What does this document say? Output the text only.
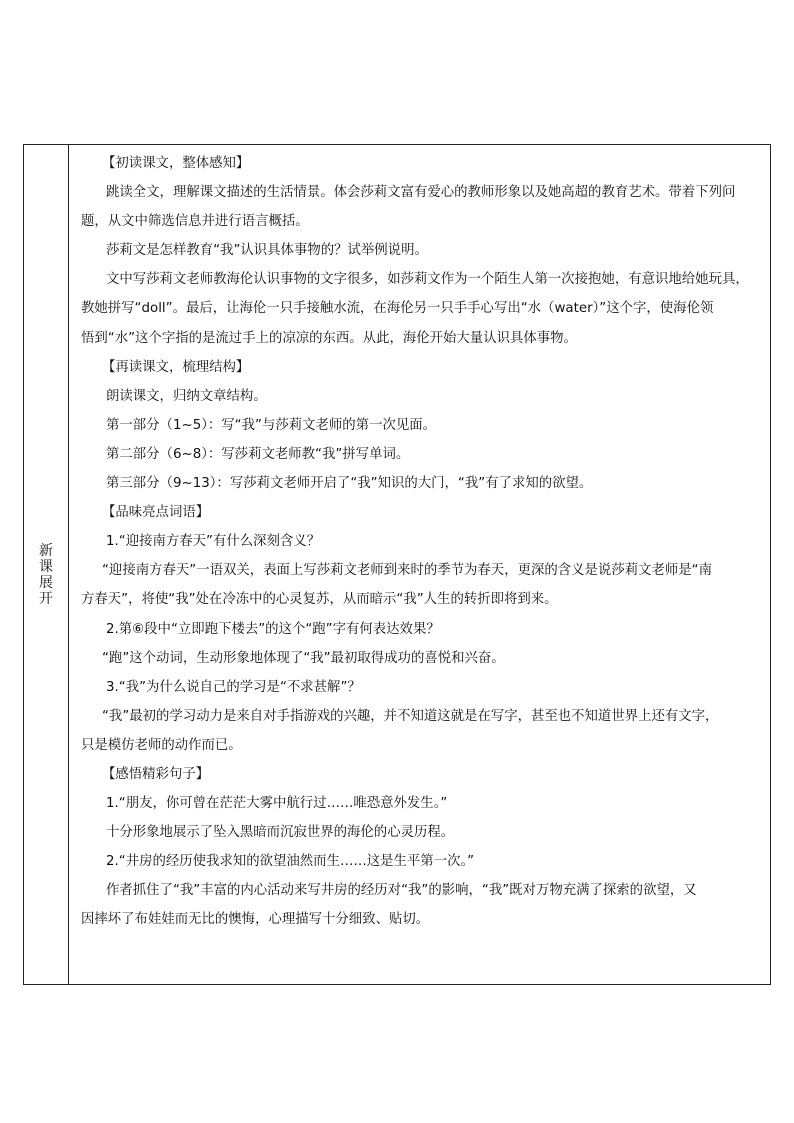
新
课
展
开

【初读课文，整体感知】

跳读全文，理解课文描述的生活情景。体会莎莉文富有爱心的教师形象以及她高超的教育艺术。带着下列问

题，从文中筛选信息并进行语言概括。

莎莉文是怎样教育“我”认识具体事物的？试举例说明。

文中写莎莉文老师教海伦认识事物的文字很多，如莎莉文作为一个陌生人第一次接抱她，有意识地给她玩具，

教她拼写“doll”。最后，让海伦一只手接触水流，在海伦另一只手手心写出“水（water）”这个字，使海伦领

悟到“水”这个字指的是流过手上的凉凉的东西。从此，海伦开始大量认识具体事物。

【再读课文，梳理结构】

朗读课文，归纳文章结构。

第一部分（1~5）：写“我”与莎莉文老师的第一次见面。

第二部分（6~8）：写莎莉文老师教“我”拼写单词。

第三部分（9~13）：写莎莉文老师开启了“我”知识的大门，“我”有了求知的欲望。

【品味亮点词语】

1.“迎接南方春天”有什么深刻含义？

“迎接南方春天”一语双关，表面上写莎莉文老师到来时的季节为春天，更深的含义是说莎莉文老师是“南

方春天”，将使“我”处在冷冻中的心灵复苏，从而暗示“我”人生的转折即将到来。

2.第⑥段中“立即跑下楼去”的这个“跑”字有何表达效果？

“跑”这个动词，生动形象地体现了“我”最初取得成功的喜悦和兴奋。

3.“我”为什么说自己的学习是“不求甚解”？

“我”最初的学习动力是来自对手指游戏的兴趣，并不知道这就是在写字，甚至也不知道世界上还有文字，

只是模仿老师的动作而已。

【感悟精彩句子】

1.“朋友，你可曾在茫茫大雾中航行过……唯恐意外发生。”

十分形象地展示了坠入黑暗而沉寂世界的海伦的心灵历程。

2.“井房的经历使我求知的欲望油然而生……这是生平第一次。”

作者抓住了“我”丰富的内心活动来写井房的经历对“我”的影响，“我”既对万物充满了探索的欲望，又

因摔坏了布娃娃而无比的懊悔，心理描写十分细致、贴切。
